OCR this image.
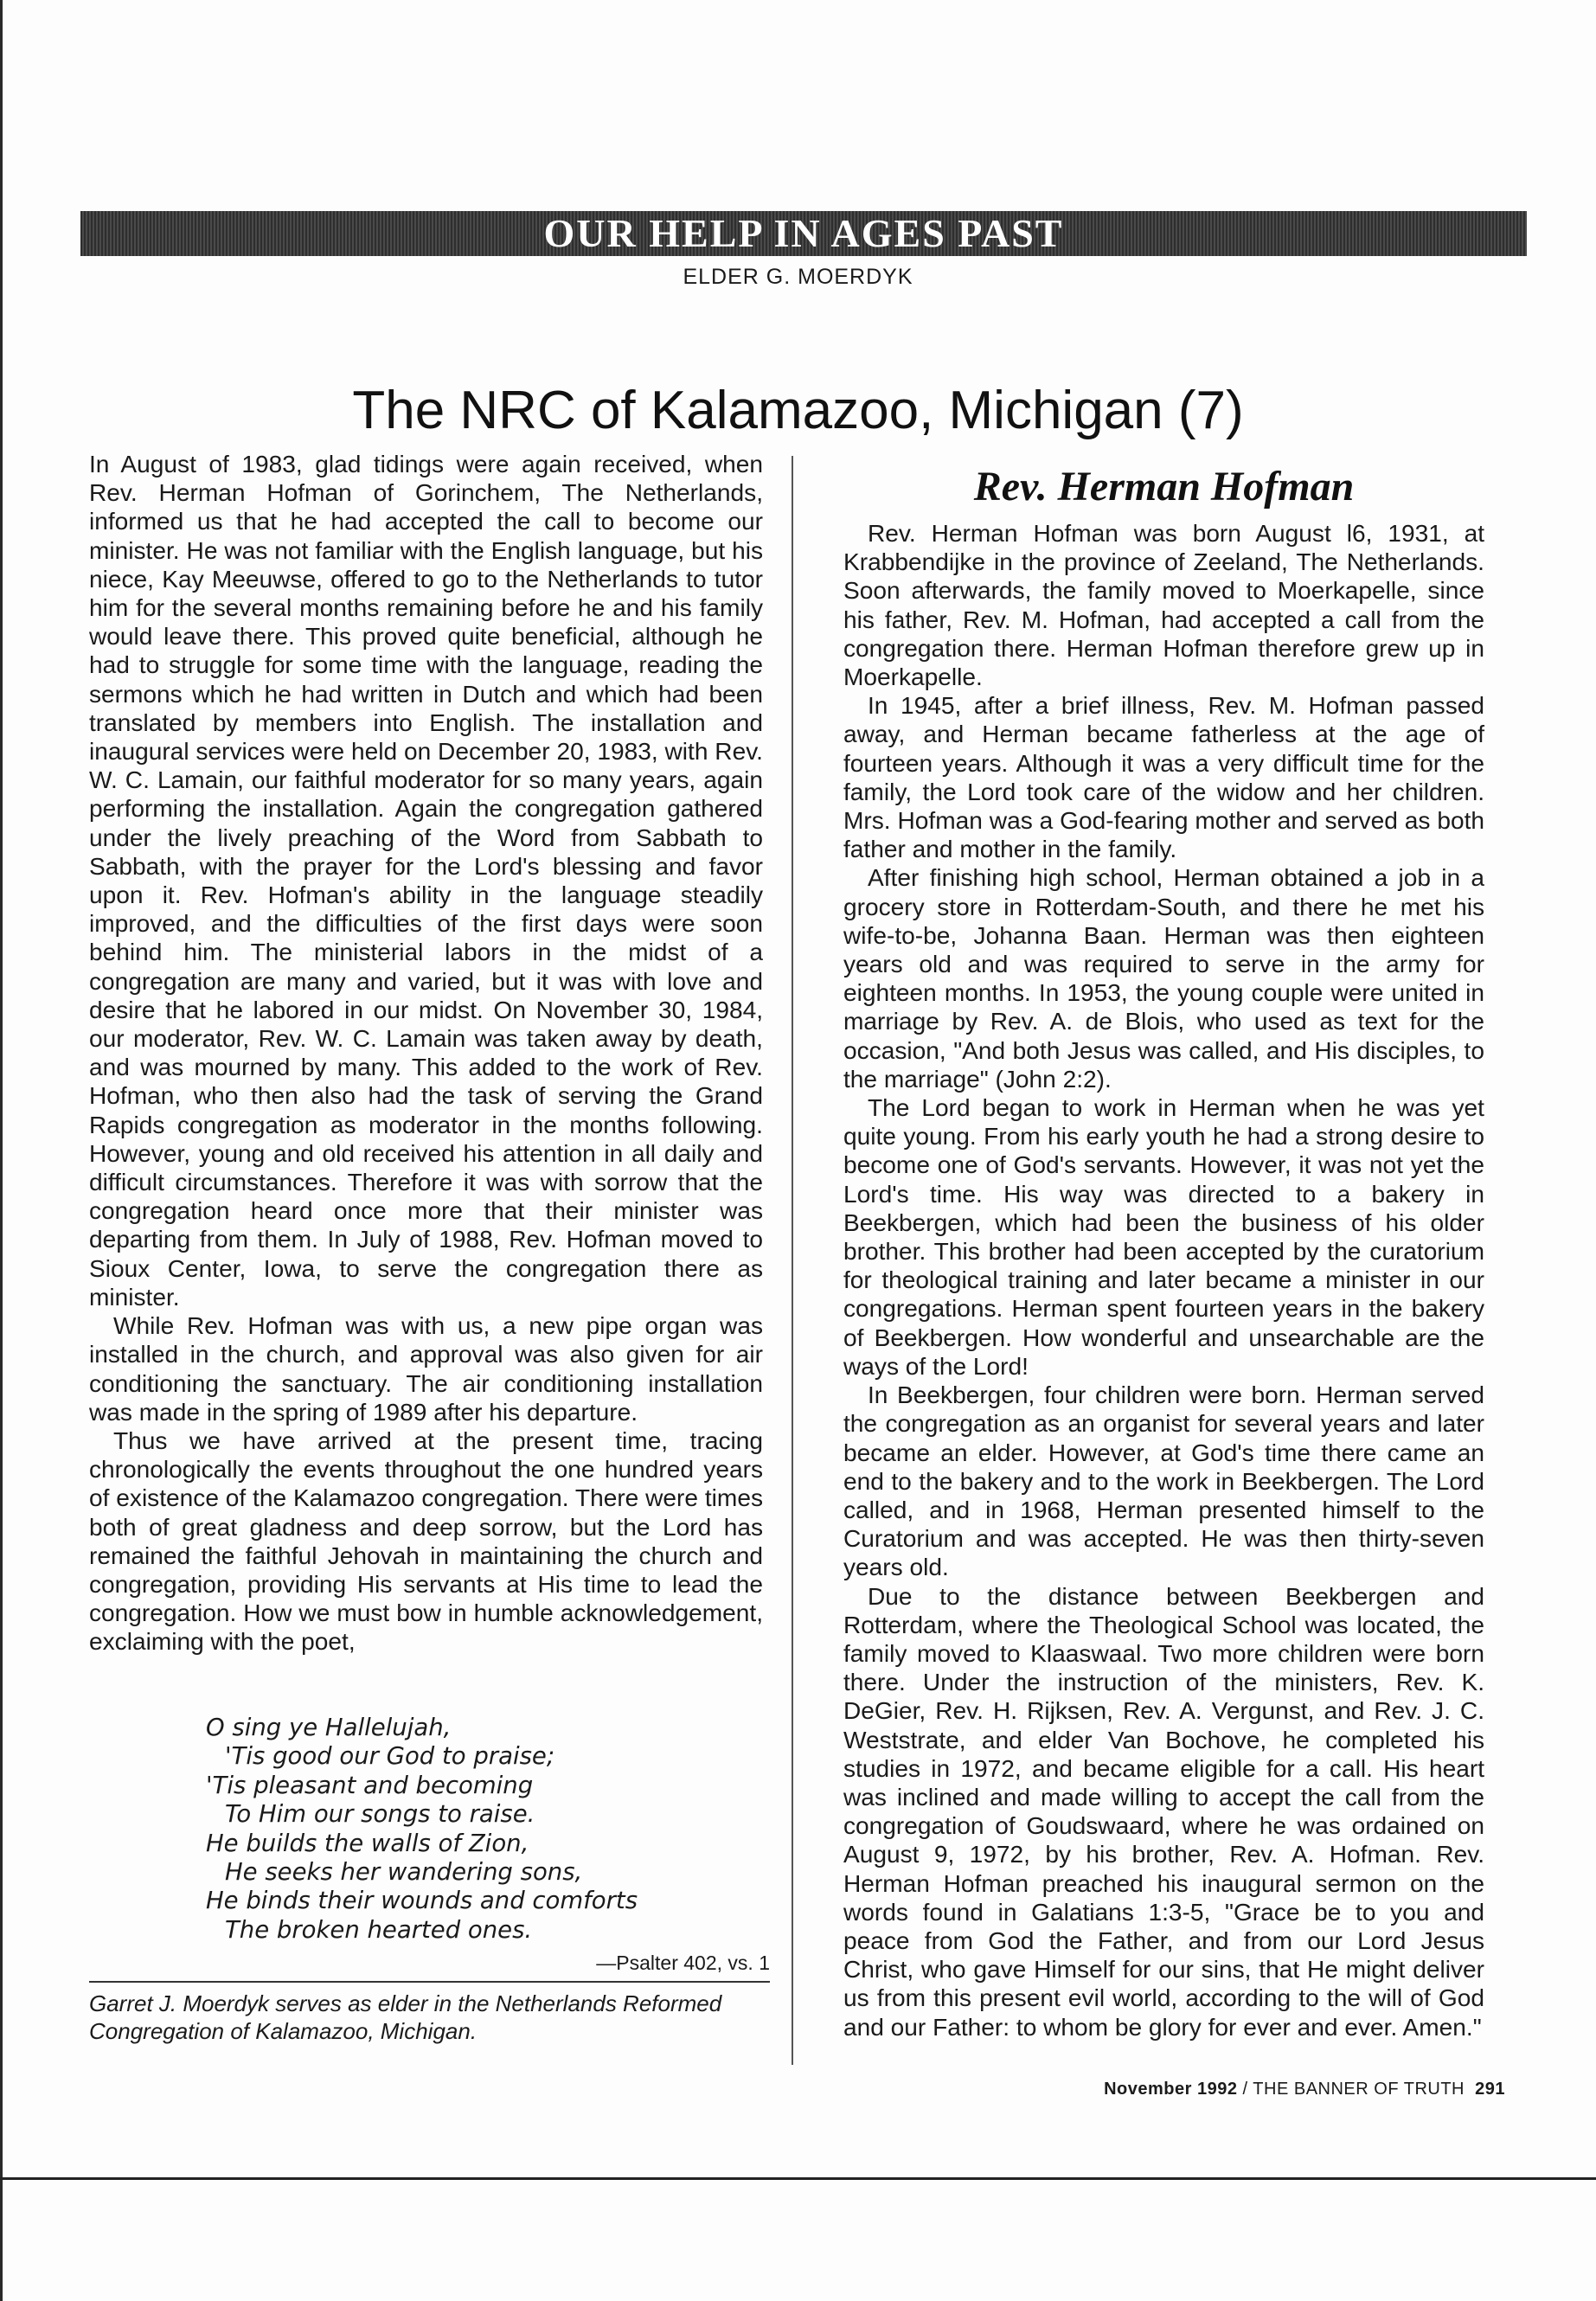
OUR HELP IN AGES PAST
ELDER G. MOERDYK
The NRC of Kalamazoo, Michigan (7)

In August of 1983, glad tidings were again received, when Rev. Herman Hofman of Gorinchem, The Netherlands, informed us that he had accepted the call to become our minister. He was not familiar with the English language, but his niece, Kay Meeuwse, offered to go to the Netherlands to tutor him for the several months remaining before he and his family would leave there. This proved quite beneficial, although he had to struggle for some time with the language, reading the sermons which he had written in Dutch and which had been translated by members into English. The installation and inaugural services were held on December 20, 1983, with Rev. W. C. Lamain, our faithful moderator for so many years, again performing the installation. Again the congregation gathered under the lively preaching of the Word from Sabbath to Sabbath, with the prayer for the Lord's blessing and favor upon it. Rev. Hofman's ability in the language steadily improved, and the difficulties of the first days were soon behind him. The ministerial labors in the midst of a congregation are many and varied, but it was with love and desire that he labored in our midst. On November 30, 1984, our moderator, Rev. W. C. Lamain was taken away by death, and was mourned by many. This added to the work of Rev. Hofman, who then also had the task of serving the Grand Rapids congregation as moderator in the months following. However, young and old received his attention in all daily and difficult circumstances. Therefore it was with sorrow that the congregation heard once more that their minister was departing from them. In July of 1988, Rev. Hofman moved to Sioux Center, Iowa, to serve the congregation there as minister.

While Rev. Hofman was with us, a new pipe organ was installed in the church, and approval was also given for air conditioning the sanctuary. The air conditioning installation was made in the spring of 1989 after his departure.

Thus we have arrived at the present time, tracing chronologically the events throughout the one hundred years of existence of the Kalamazoo congregation. There were times both of great gladness and deep sorrow, but the Lord has remained the faithful Jehovah in maintaining the church and congregation, providing His servants at His time to lead the congregation. How we must bow in humble acknowledgement, exclaiming with the poet,

O sing ye Hallelujah,
'Tis good our God to praise;
'Tis pleasant and becoming
To Him our songs to raise.
He builds the walls of Zion,
He seeks her wandering sons,
He binds their wounds and comforts
The broken hearted ones.
—Psalter 402, vs. 1
Garret J. Moerdyk serves as elder in the Netherlands Reformed Congregation of Kalamazoo, Michigan.
Rev. Herman Hofman

Rev. Herman Hofman was born August l6, 1931, at Krabbendijke in the province of Zeeland, The Netherlands. Soon afterwards, the family moved to Moerkapelle, since his father, Rev. M. Hofman, had accepted a call from the congregation there. Herman Hofman therefore grew up in Moerkapelle.

In 1945, after a brief illness, Rev. M. Hofman passed away, and Herman became fatherless at the age of fourteen years. Although it was a very difficult time for the family, the Lord took care of the widow and her children. Mrs. Hofman was a God-fearing mother and served as both father and mother in the family.

After finishing high school, Herman obtained a job in a grocery store in Rotterdam-South, and there he met his wife-to-be, Johanna Baan. Herman was then eighteen years old and was required to serve in the army for eighteen months. In 1953, the young couple were united in marriage by Rev. A. de Blois, who used as text for the occasion, "And both Jesus was called, and His disciples, to the marriage" (John 2:2).

The Lord began to work in Herman when he was yet quite young. From his early youth he had a strong desire to become one of God's servants. However, it was not yet the Lord's time. His way was directed to a bakery in Beekbergen, which had been the business of his older brother. This brother had been accepted by the curatorium for theological training and later became a minister in our congregations. Herman spent fourteen years in the bakery of Beekbergen. How wonderful and unsearchable are the ways of the Lord!

In Beekbergen, four children were born. Herman served the congregation as an organist for several years and later became an elder. However, at God's time there came an end to the bakery and to the work in Beekbergen. The Lord called, and in 1968, Herman presented himself to the Curatorium and was accepted. He was then thirty-seven years old.

Due to the distance between Beekbergen and Rotterdam, where the Theological School was located, the family moved to Klaaswaal. Two more children were born there. Under the instruction of the ministers, Rev. K. DeGier, Rev. H. Rijksen, Rev. A. Vergunst, and Rev. J. C. Weststrate, and elder Van Bochove, he completed his studies in 1972, and became eligible for a call. His heart was inclined and made willing to accept the call from the congregation of Goudswaard, where he was ordained on August 9, 1972, by his brother, Rev. A. Hofman. Rev. Herman Hofman preached his inaugural sermon on the words found in Galatians 1:3-5, "Grace be to you and peace from God the Father, and from our Lord Jesus Christ, who gave Himself for our sins, that He might deliver us from this present evil world, according to the will of God and our Father: to whom be glory for ever and ever. Amen."

November 1992 / THE BANNER OF TRUTH 291
